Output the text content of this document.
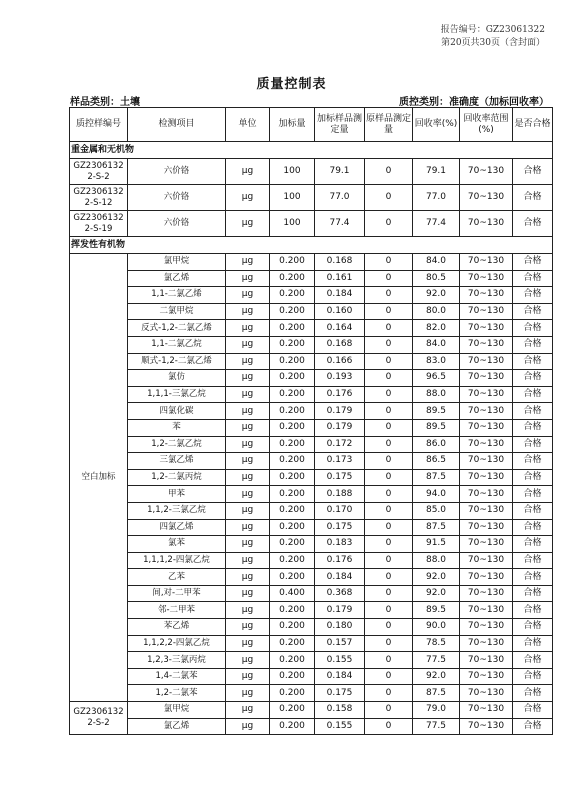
报告编号：GZ23061322
第20页共30页（含封面）
质量控制表
样品类别：土壤	质控类别：准确度（加标回收率）
质控样编号	检测项目	单位	加标量	加标样品测定量	原样品测定量	回收率(%)	回收率范围(%)	是否合格
重金属和无机物								
GZ2306132 2-S-2	六价铬	μg	100	79.1	0	79.1	70~130	合格
GZ2306132 2-S-12	六价铬	μg	100	77.0	0	77.0	70~130	合格
GZ2306132 2-S-19	六价铬	μg	100	77.4	0	77.4	70~130	合格
挥发性有机物								
空白加标	氯甲烷	μg	0.200	0.168	0	84.0	70~130	合格
	氯乙烯	μg	0.200	0.161	0	80.5	70~130	合格
	1,1-二氯乙烯	μg	0.200	0.184	0	92.0	70~130	合格
	二氯甲烷	μg	0.200	0.160	0	80.0	70~130	合格
	反式-1,2-二氯乙烯	μg	0.200	0.164	0	82.0	70~130	合格
	1,1-二氯乙烷	μg	0.200	0.168	0	84.0	70~130	合格
	顺式-1,2-二氯乙烯	μg	0.200	0.166	0	83.0	70~130	合格
	氯仿	μg	0.200	0.193	0	96.5	70~130	合格
	1,1,1-三氯乙烷	μg	0.200	0.176	0	88.0	70~130	合格
	四氯化碳	μg	0.200	0.179	0	89.5	70~130	合格
	苯	μg	0.200	0.179	0	89.5	70~130	合格
	1,2-二氯乙烷	μg	0.200	0.172	0	86.0	70~130	合格
	三氯乙烯	μg	0.200	0.173	0	86.5	70~130	合格
	1,2-二氯丙烷	μg	0.200	0.175	0	87.5	70~130	合格
	甲苯	μg	0.200	0.188	0	94.0	70~130	合格
	1,1,2-三氯乙烷	μg	0.200	0.170	0	85.0	70~130	合格
	四氯乙烯	μg	0.200	0.175	0	87.5	70~130	合格
	氯苯	μg	0.200	0.183	0	91.5	70~130	合格
	1,1,1,2-四氯乙烷	μg	0.200	0.176	0	88.0	70~130	合格
	乙苯	μg	0.200	0.184	0	92.0	70~130	合格
	间,对-二甲苯	μg	0.400	0.368	0	92.0	70~130	合格
	邻-二甲苯	μg	0.200	0.179	0	89.5	70~130	合格
	苯乙烯	μg	0.200	0.180	0	90.0	70~130	合格
	1,1,2,2-四氯乙烷	μg	0.200	0.157	0	78.5	70~130	合格
	1,2,3-三氯丙烷	μg	0.200	0.155	0	77.5	70~130	合格
	1,4-二氯苯	μg	0.200	0.184	0	92.0	70~130	合格
	1,2-二氯苯	μg	0.200	0.175	0	87.5	70~130	合格
GZ2306132 2-S-2	氯甲烷	μg	0.200	0.158	0	79.0	70~130	合格
	氯乙烯	μg	0.200	0.155	0	77.5	70~130	合格
